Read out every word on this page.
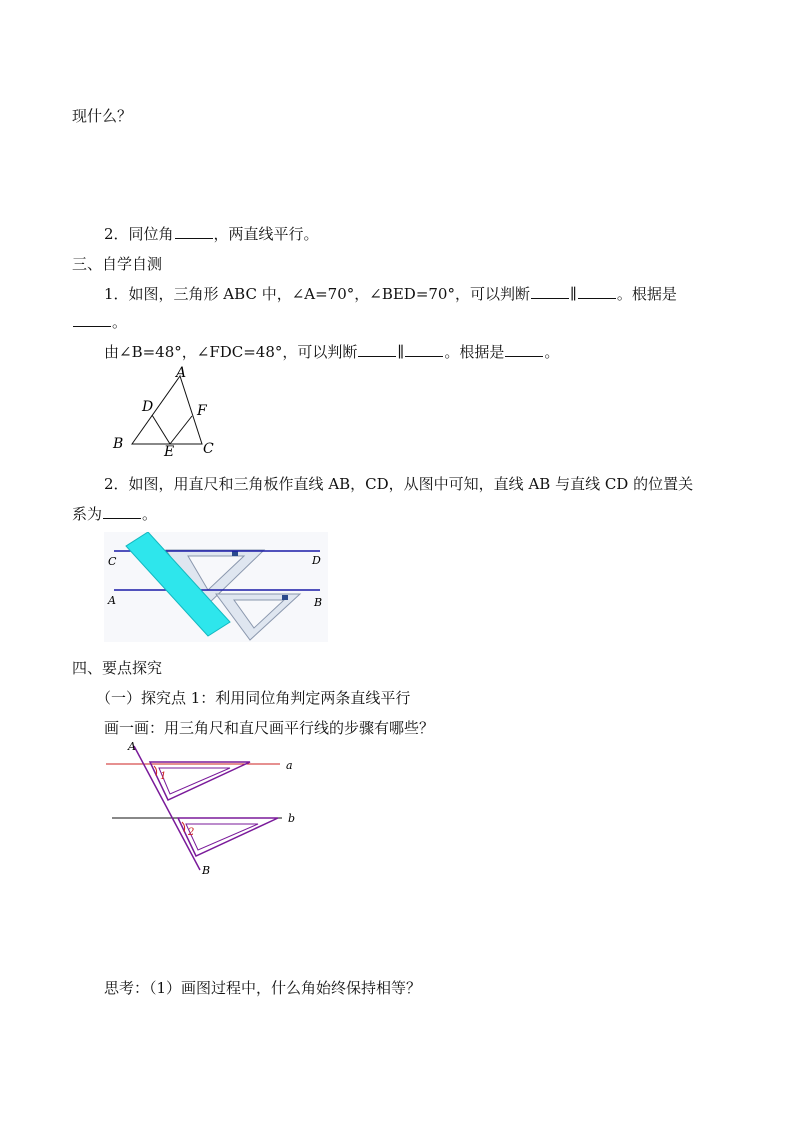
现什么？
2．同位角	，两直线平行。
三、自学自测
1．如图，三角形 ABC 中，∠A=70°，∠BED=70°，可以判断	∥	。根据是
。
由∠B=48°，∠FDC=48°，可以判断	∥	。根据是	。
A
B	C
D
E
F
2．如图，用直尺和三角板作直线 AB，CD，从图中可知，直线 AB 与直线 CD 的位置关
系为	。
C	D
A	B
四、要点探究
（一）探究点 1：利用同位角判定两条直线平行
画一画：用三角尺和直尺画平行线的步骤有哪些？
1
2
A
B
a
b
思考：（1）画图过程中，什么角始终保持相等？
